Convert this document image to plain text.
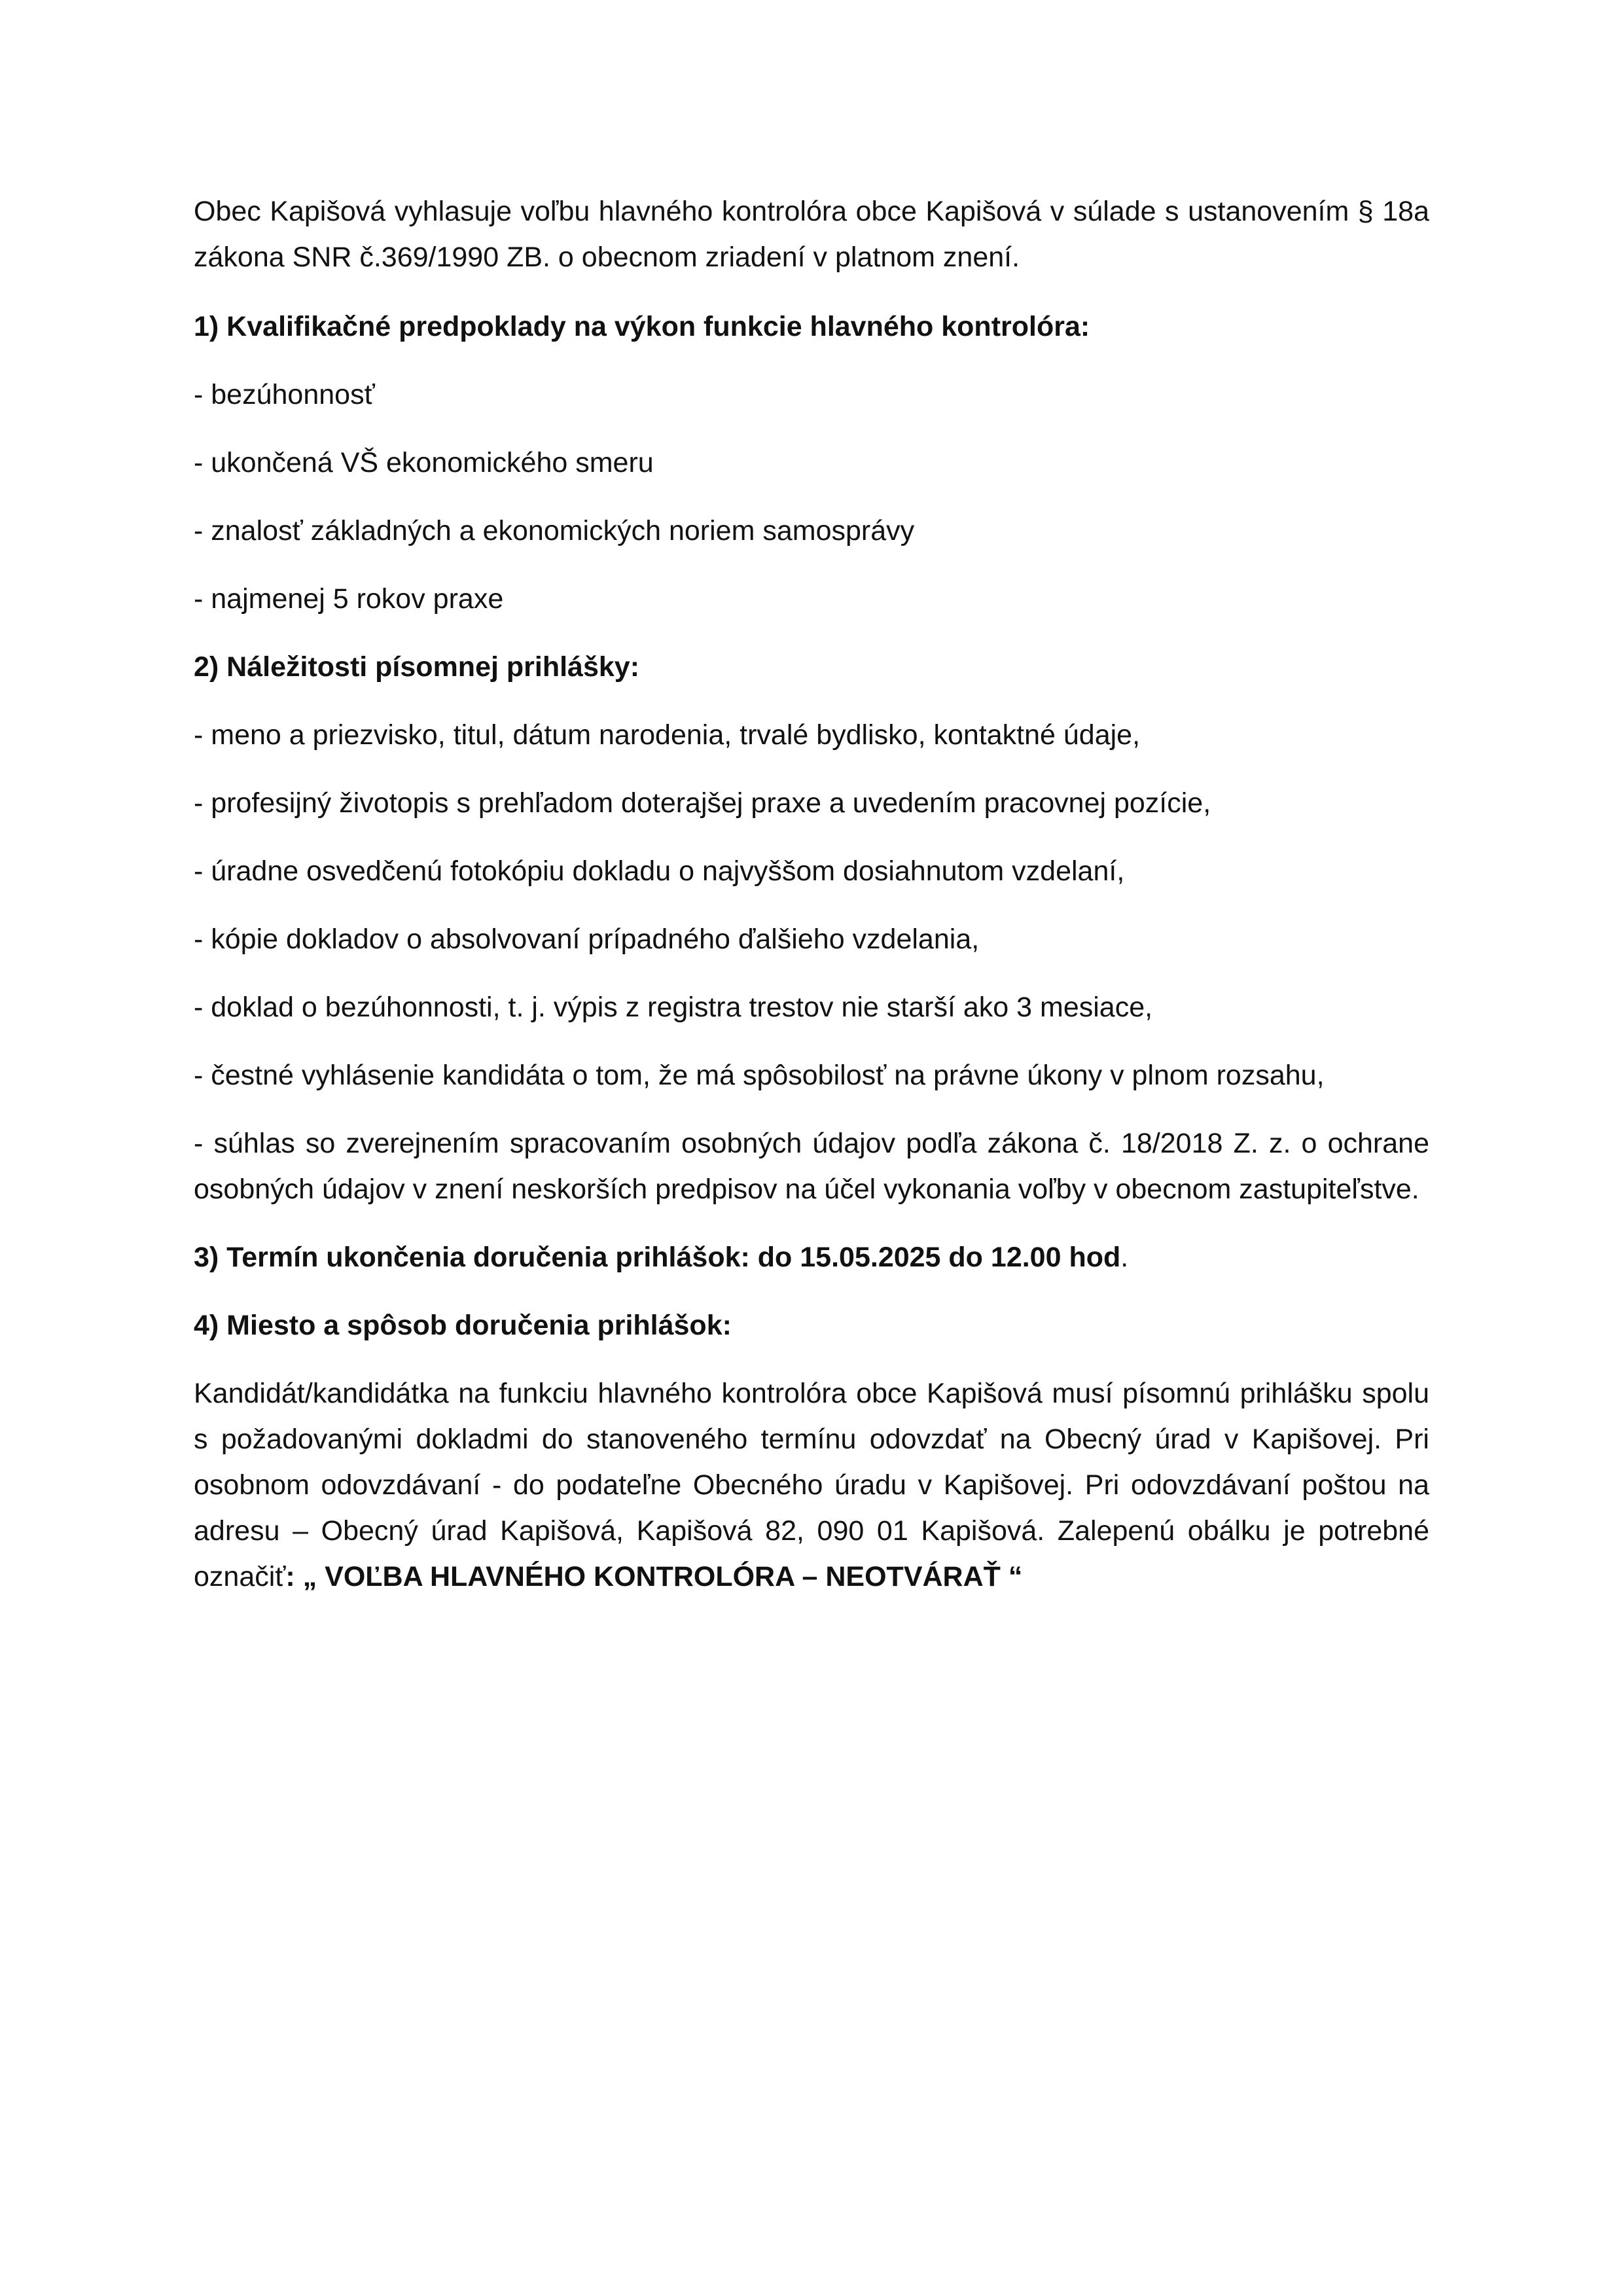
Obec Kapišová vyhlasuje voľbu hlavného kontrolóra obce Kapišová v súlade s ustanovením § 18a zákona SNR č.369/1990 ZB. o obecnom zriadení v platnom znení.

1) Kvalifikačné predpoklady na výkon funkcie hlavného kontrolóra:

- bezúhonnosť

- ukončená VŠ ekonomického smeru

- znalosť základných a ekonomických noriem samosprávy

- najmenej 5 rokov praxe

2) Náležitosti písomnej prihlášky:

- meno a priezvisko, titul, dátum narodenia, trvalé bydlisko, kontaktné údaje,

- profesijný životopis s prehľadom doterajšej praxe a uvedením pracovnej pozície,

- úradne osvedčenú fotokópiu dokladu o najvyššom dosiahnutom vzdelaní,

- kópie dokladov o absolvovaní prípadného ďalšieho vzdelania,

- doklad o bezúhonnosti, t. j. výpis z registra trestov nie starší ako 3 mesiace,

- čestné vyhlásenie kandidáta o tom, že má spôsobilosť na právne úkony v plnom rozsahu,

- súhlas so zverejnením spracovaním osobných údajov podľa zákona č. 18/2018 Z. z. o ochrane osobných údajov v znení neskorších predpisov na účel vykonania voľby v obecnom zastupiteľstve.

3) Termín ukončenia doručenia prihlášok: do 15.05.2025 do 12.00 hod.

4) Miesto a spôsob doručenia prihlášok:

Kandidát/kandidátka na funkciu hlavného kontrolóra obce Kapišová musí písomnú prihlášku spolu s požadovanými dokladmi do stanoveného termínu odovzdať na Obecný úrad v Kapišovej. Pri osobnom odovzdávaní - do podateľne Obecného úradu v Kapišovej. Pri odovzdávaní poštou na adresu – Obecný úrad Kapišová, Kapišová 82, 090 01 Kapišová. Zalepenú obálku je potrebné označiť: „ VOĽBA HLAVNÉHO KONTROLÓRA – NEOTVÁRAŤ “
